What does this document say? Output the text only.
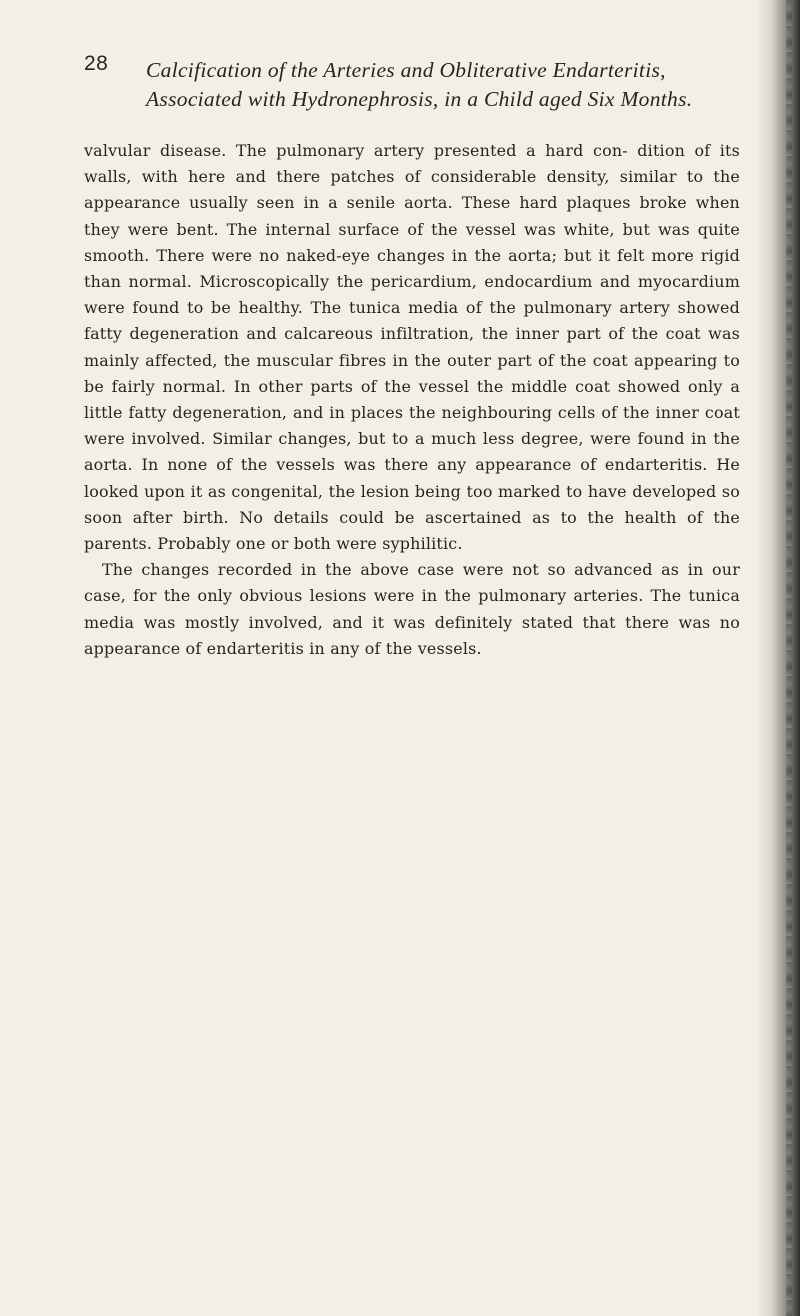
28 Calcification of the Arteries and Obliterative Endarteritis,
Associated with Hydronephrosis, in a Child aged Six Months.

valvular disease. The pulmonary artery presented a hard con- dition of its walls, with here and there patches of considerable density, similar to the appearance usually seen in a senile aorta. These hard plaques broke when they were bent. The internal surface of the vessel was white, but was quite smooth. There were no naked-eye changes in the aorta; but it felt more rigid than normal. Microscopically the pericardium, endocardium and myocardium were found to be healthy. The tunica media of the pulmonary artery showed fatty degeneration and calcareous infiltration, the inner part of the coat was mainly affected, the muscular fibres in the outer part of the coat appearing to be fairly normal. In other parts of the vessel the middle coat showed only a little fatty degeneration, and in places the neighbouring cells of the inner coat were involved. Similar changes, but to a much less degree, were found in the aorta. In none of the vessels was there any appearance of endarteritis. He looked upon it as congenital, the lesion being too marked to have developed so soon after birth. No details could be ascertained as to the health of the parents. Probably one or both were syphilitic.

The changes recorded in the above case were not so advanced as in our case, for the only obvious lesions were in the pulmonary arteries. The tunica media was mostly involved, and it was definitely stated that there was no appearance of endarteritis in any of the vessels.
